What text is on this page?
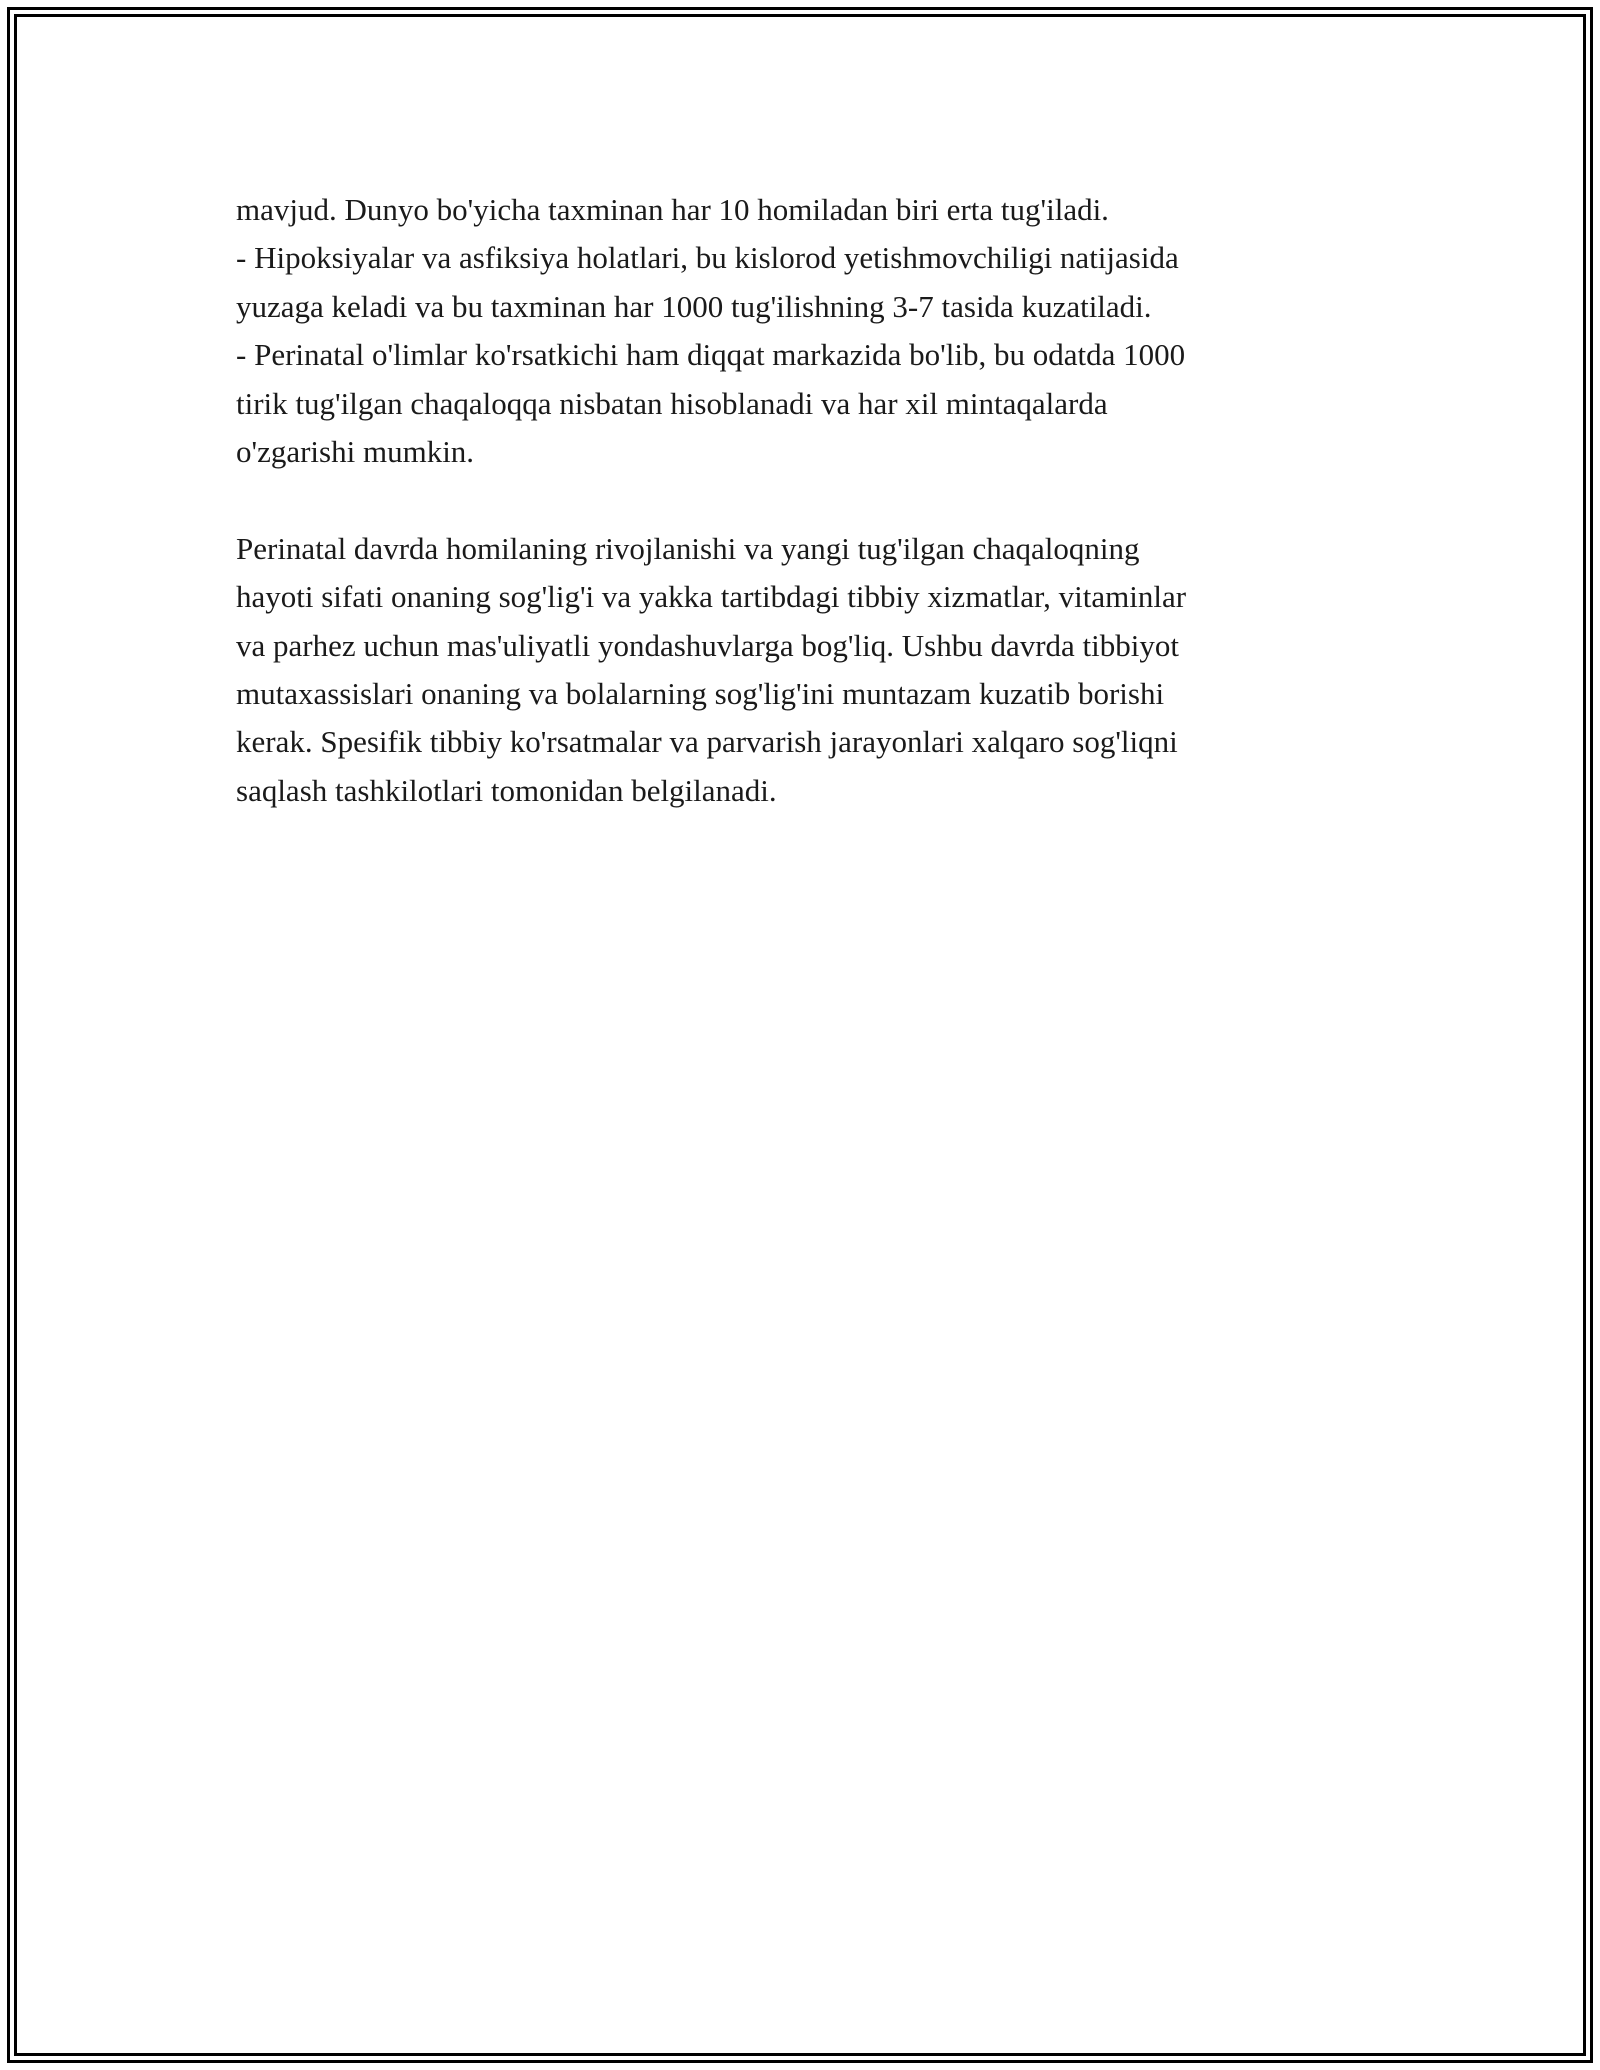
mavjud. Dunyo bo'yicha taxminan har 10 homiladan biri erta tug'iladi.
- Hipoksiyalar va asfiksiya holatlari, bu kislorod yetishmovchiligi natijasida
yuzaga keladi va bu taxminan har 1000 tug'ilishning 3-7 tasida kuzatiladi.
- Perinatal o'limlar ko'rsatkichi ham diqqat markazida bo'lib, bu odatda 1000
tirik tug'ilgan chaqaloqqa nisbatan hisoblanadi va har xil mintaqalarda
o'zgarishi mumkin.

Perinatal davrda homilaning rivojlanishi va yangi tug'ilgan chaqaloqning
hayoti sifati onaning sog'lig'i va yakka tartibdagi tibbiy xizmatlar, vitaminlar
va parhez uchun mas'uliyatli yondashuvlarga bog'liq. Ushbu davrda tibbiyot
mutaxassislari onaning va bolalarning sog'lig'ini muntazam kuzatib borishi
kerak. Spesifik tibbiy ko'rsatmalar va parvarish jarayonlari xalqaro sog'liqni
saqlash tashkilotlari tomonidan belgilanadi.
